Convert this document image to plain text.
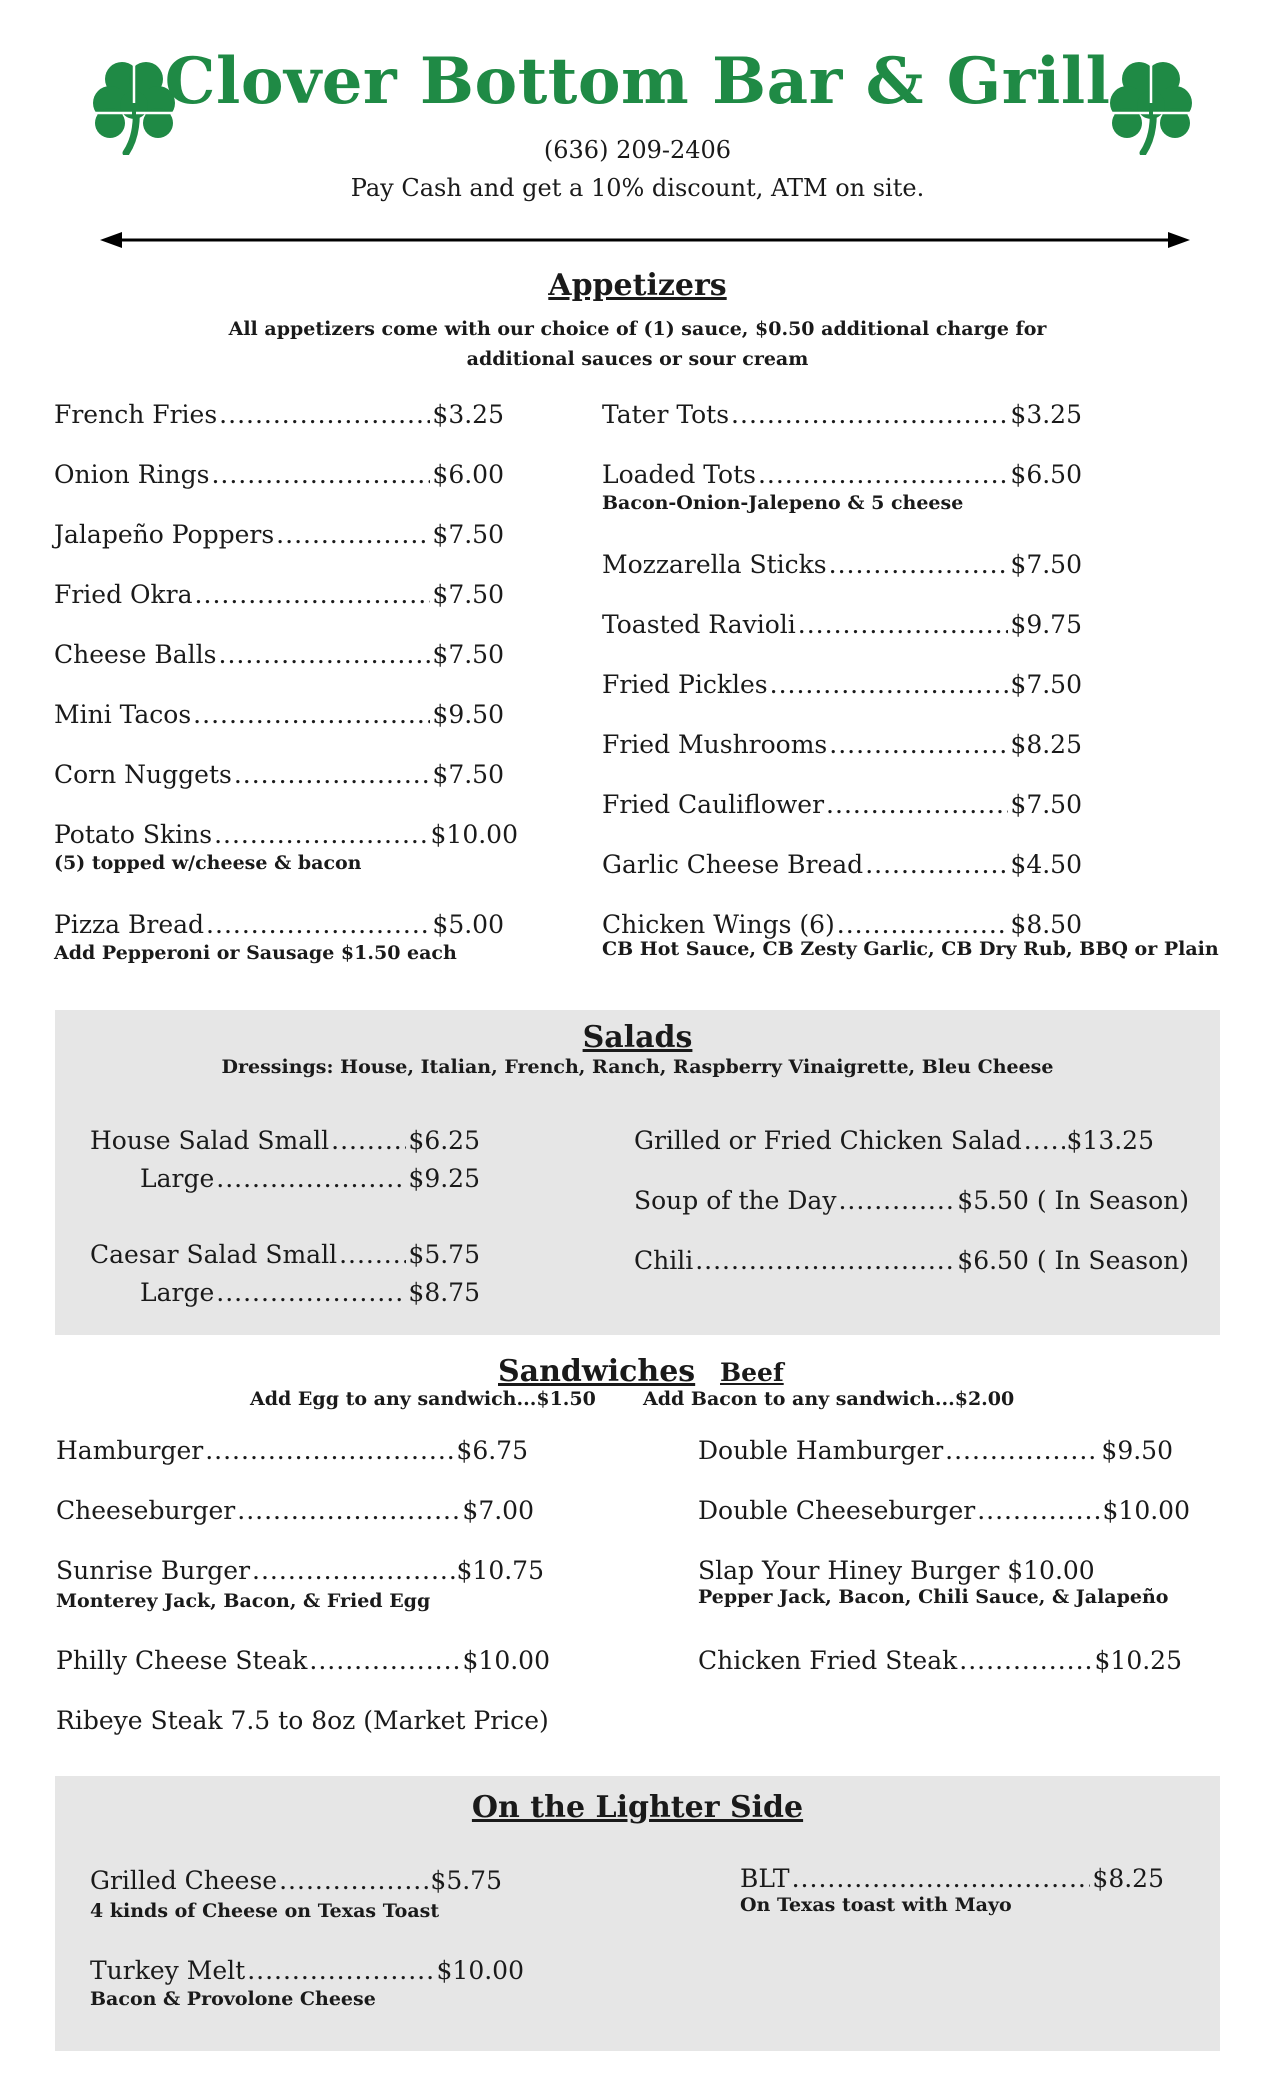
Clover Bottom Bar & Grill
(636) 209-2406
Pay Cash and get a 10% discount, ATM on site.
Appetizers
All appetizers come with our choice of (1) sauce, $0.50 additional charge for
additional sauces or sour cream
French Fries .....	$3.25
Onion Rings .....	$6.00
Jalapeño Poppers .....	$7.50
Fried Okra .....	$7.50
Cheese Balls .....	$7.50
Mini Tacos .....	$9.50
Corn Nuggets .....	$7.50
Potato Skins .....	$10.00
(5) topped w/cheese & bacon
Pizza Bread .....	$5.00
Add Pepperoni or Sausage $1.50 each
Tater Tots .....	$3.25
Loaded Tots .....	$6.50
Bacon-Onion-Jalepeno & 5 cheese
Mozzarella Sticks .....	$7.50
Toasted Ravioli .....	$9.75
Fried Pickles .....	$7.50
Fried Mushrooms .....	$8.25
Fried Cauliflower .....	$7.50
Garlic Cheese Bread .....	$4.50
Chicken Wings (6) .....	$8.50
CB Hot Sauce, CB Zesty Garlic, CB Dry Rub, BBQ or Plain
Salads
Dressings: House, Italian, French, Ranch, Raspberry Vinaigrette, Bleu Cheese
House Salad Small .....	$6.25
Large .....	$9.25
Caesar Salad Small .....	$5.75
Large .....	$8.75
Grilled or Fried Chicken Salad ..... $13.25
Soup of the Day .....	$5.50 ( In Season)
Chili .....	$6.50 ( In Season)
Sandwiches Beef
Add Egg to any sandwich...$1.50 Add Bacon to any sandwich...$2.00
Hamburger .....	$6.75
Cheeseburger .....	$7.00
Sunrise Burger .....	$10.75
Monterey Jack, Bacon, & Fried Egg
Philly Cheese Steak .....	$10.00
Ribeye Steak 7.5 to 8oz (Market Price)
Double Hamburger .....	$9.50
Double Cheeseburger .....	$10.00
Slap Your Hiney Burger $10.00
Pepper Jack, Bacon, Chili Sauce, & Jalapeño
Chicken Fried Steak .....	$10.25
On the Lighter Side
Grilled Cheese .....	$5.75
4 kinds of Cheese on Texas Toast
Turkey Melt .....	$10.00
Bacon & Provolone Cheese
BLT .....	$8.25
On Texas toast with Mayo
